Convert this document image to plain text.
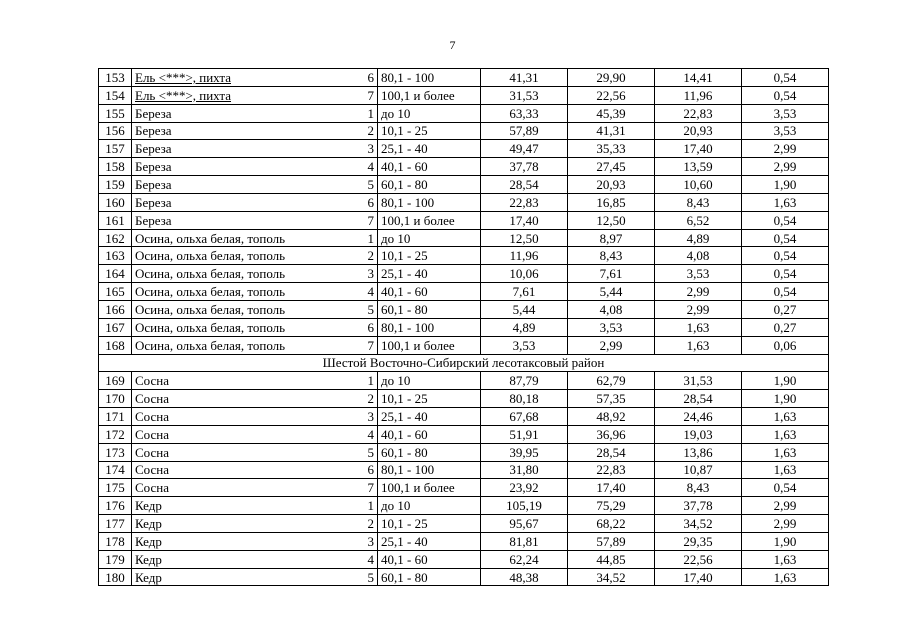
7
153	Ель <***>, пихта	6	80,1 - 100	41,31	29,90	14,41	0,54
154	Ель <***>, пихта	7	100,1 и более	31,53	22,56	11,96	0,54
155	Береза	1	до 10	63,33	45,39	22,83	3,53
156	Береза	2	10,1 - 25	57,89	41,31	20,93	3,53
157	Береза	3	25,1 - 40	49,47	35,33	17,40	2,99
158	Береза	4	40,1 - 60	37,78	27,45	13,59	2,99
159	Береза	5	60,1 - 80	28,54	20,93	10,60	1,90
160	Береза	6	80,1 - 100	22,83	16,85	8,43	1,63
161	Береза	7	100,1 и более	17,40	12,50	6,52	0,54
162	Осина, ольха белая, тополь	1	до 10	12,50	8,97	4,89	0,54
163	Осина, ольха белая, тополь	2	10,1 - 25	11,96	8,43	4,08	0,54
164	Осина, ольха белая, тополь	3	25,1 - 40	10,06	7,61	3,53	0,54
165	Осина, ольха белая, тополь	4	40,1 - 60	7,61	5,44	2,99	0,54
166	Осина, ольха белая, тополь	5	60,1 - 80	5,44	4,08	2,99	0,27
167	Осина, ольха белая, тополь	6	80,1 - 100	4,89	3,53	1,63	0,27
168	Осина, ольха белая, тополь	7	100,1 и более	3,53	2,99	1,63	0,06
Шестой Восточно-Сибирский лесотаксовый район							
169	Сосна	1	до 10	87,79	62,79	31,53	1,90
170	Сосна	2	10,1 - 25	80,18	57,35	28,54	1,90
171	Сосна	3	25,1 - 40	67,68	48,92	24,46	1,63
172	Сосна	4	40,1 - 60	51,91	36,96	19,03	1,63
173	Сосна	5	60,1 - 80	39,95	28,54	13,86	1,63
174	Сосна	6	80,1 - 100	31,80	22,83	10,87	1,63
175	Сосна	7	100,1 и более	23,92	17,40	8,43	0,54
176	Кедр	1	до 10	105,19	75,29	37,78	2,99
177	Кедр	2	10,1 - 25	95,67	68,22	34,52	2,99
178	Кедр	3	25,1 - 40	81,81	57,89	29,35	1,90
179	Кедр	4	40,1 - 60	62,24	44,85	22,56	1,63
180	Кедр	5	60,1 - 80	48,38	34,52	17,40	1,63
